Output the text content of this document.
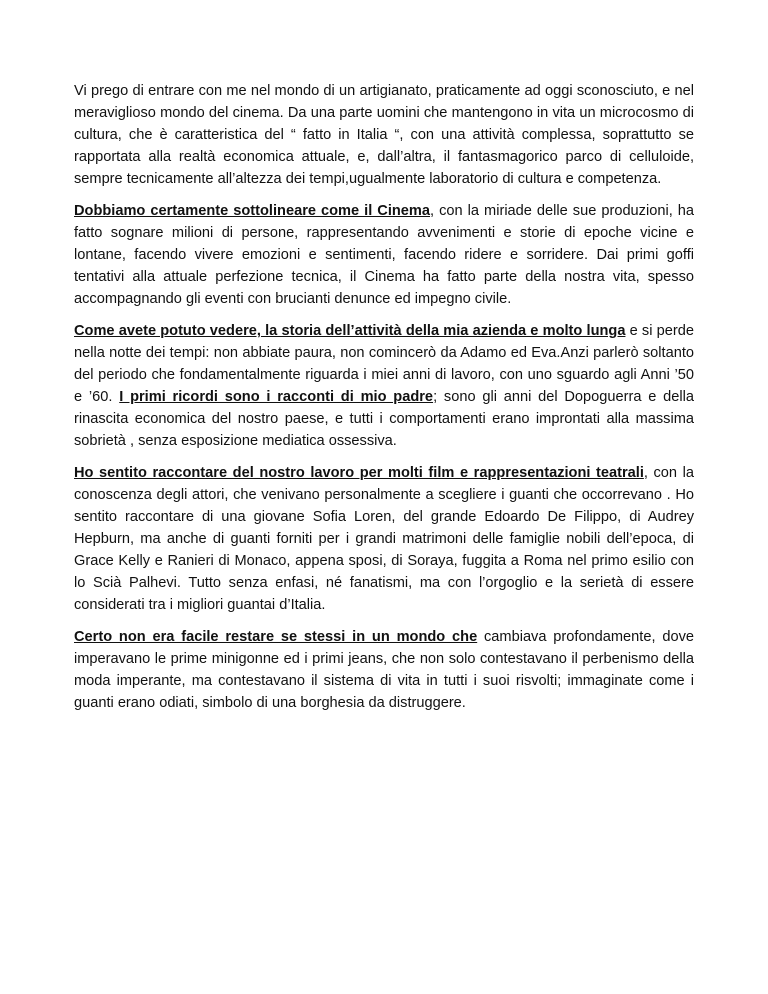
Vi prego di entrare con me nel mondo di un artigianato, praticamente ad oggi sconosciuto, e nel meraviglioso mondo del cinema. Da una parte uomini che mantengono in vita un microcosmo di cultura, che è caratteristica del “ fatto in Italia “, con una attività complessa, soprattutto se rapportata alla realtà economica attuale, e, dall’altra, il fantasmagorico parco di celluloide, sempre tecnicamente all’altezza dei tempi,ugualmente laboratorio di cultura e competenza.

Dobbiamo certamente sottolineare come il Cinema, con la miriade delle sue produzioni, ha fatto sognare milioni di persone, rappresentando avvenimenti e storie di epoche vicine e lontane, facendo vivere emozioni e sentimenti, facendo ridere e sorridere. Dai primi goffi tentativi alla attuale perfezione tecnica, il Cinema ha fatto parte della nostra vita, spesso accompagnando gli eventi con brucianti denunce ed impegno civile.

Come avete potuto vedere, la storia dell’attività della mia azienda e molto lunga e si perde nella notte dei tempi: non abbiate paura, non comincerò da Adamo ed Eva.Anzi parlerò soltanto del periodo che fondamentalmente riguarda i miei anni di lavoro, con uno sguardo agli Anni ’50 e ’60. I primi ricordi sono i racconti di mio padre; sono gli anni del Dopoguerra e della rinascita economica del nostro paese, e tutti i comportamenti erano improntati alla massima sobrietà , senza esposizione mediatica ossessiva.

Ho sentito raccontare del nostro lavoro per molti film e rappresentazioni teatrali, con la conoscenza degli attori, che venivano personalmente a scegliere i guanti che occorrevano . Ho sentito raccontare di una giovane Sofia Loren, del grande Edoardo De Filippo, di Audrey Hepburn, ma anche di guanti forniti per i grandi matrimoni delle famiglie nobili dell’epoca, di Grace Kelly e Ranieri di Monaco, appena sposi, di Soraya, fuggita a Roma nel primo esilio con lo Scià Palhevi. Tutto senza enfasi, né fanatismi, ma con l’orgoglio e la serietà di essere considerati tra i migliori guantai d’Italia.

Certo non era facile restare se stessi in un mondo che cambiava profondamente, dove imperavano le prime minigonne ed i primi jeans, che non solo contestavano il perbenismo della moda imperante, ma contestavano il sistema di vita in tutti i suoi risvolti; immaginate come i guanti erano odiati, simbolo di una borghesia da distruggere.
